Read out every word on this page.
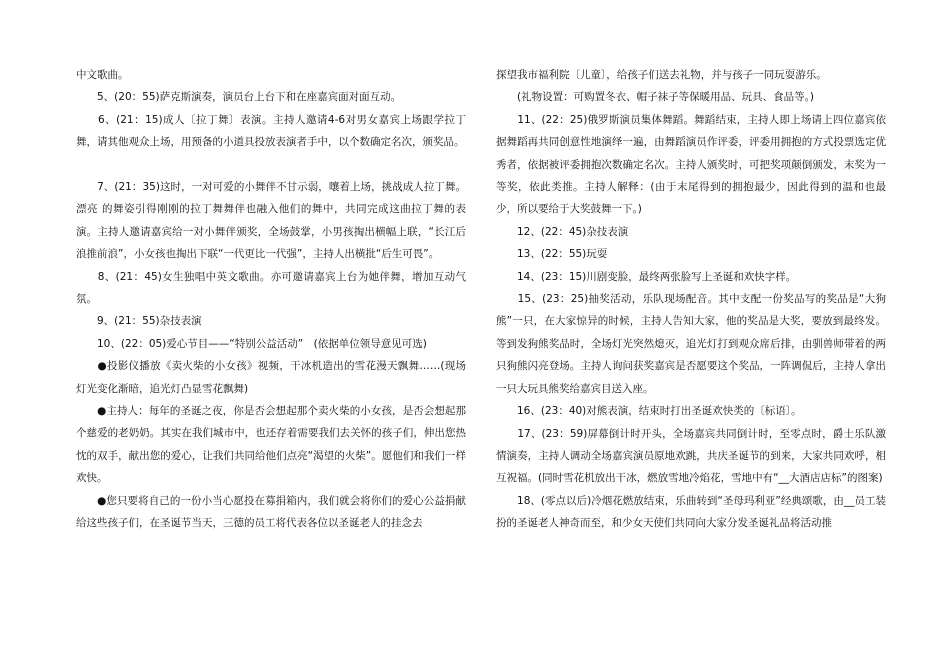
中文歌曲。

　　5、(20：55)萨克斯演奏，演员台上台下和在座嘉宾面对面互动。

　　6、(21：15)成人〔拉丁舞〕表演。主持人邀请4-6对男女嘉宾上场跟学拉丁舞，请其他观众上场，用预备的小道具投放表演者手中，以个数确定名次，颁奖品。

　　7、(21：35)这时，一对可爱的小舞伴不甘示弱，嚷着上场，挑战成人拉丁舞。漂亮 的舞姿引得刚刚的拉丁舞舞伴也融入他们的舞中，共同完成这曲拉丁舞的表演。主持人邀请嘉宾给一对小舞伴颁奖，全场鼓掌，小男孩掏出横幅上联，“长江后浪推前浪”，小女孩也掏出下联“一代更比一代强”，主持人出横批“后生可畏”。

　　8、(21：45)女生独唱中英文歌曲。亦可邀请嘉宾上台为她伴舞，增加互动气氛。

　　9、(21：55)杂技表演

　　10、(22：05)爱心节目——“特别公益活动”　(依据单位领导意见可选)

　　●投影仪播放《卖火柴的小女孩》视频，干冰机造出的雪花漫天飘舞……(现场灯光变化渐暗，追光灯凸显雪花飘舞)

　　●主持人：每年的圣诞之夜，你是否会想起那个卖火柴的小女孩，是否会想起那个慈爱的老奶奶。其实在我们城市中，也还存着需要我们去关怀的孩子们，伸出您热忱的双手，献出您的爱心，让我们共同给他们点亮“渴望的火柴”。愿他们和我们一样欢快。

　　●您只要将自己的一份小当心愿投在募捐箱内，我们就会将你们的爱心公益捐献给这些孩子们，在圣诞节当天，三德的员工将代表各位以圣诞老人的挂念去

探望我市福利院〔儿童〕，给孩子们送去礼物，并与孩子一同玩耍游乐。

　　(礼物设置：可购置冬衣、帽子袜子等保暖用品、玩具、食品等。)

　　11、(22：25)俄罗斯演员集体舞蹈。舞蹈结束，主持人即上场请上四位嘉宾依据舞蹈再共同创意性地演绎一遍，由舞蹈演员作评委，评委用拥抱的方式投票选定优秀者，依据被评委拥抱次数确定名次。主持人颁奖时，可把奖项颠倒颁发，末奖为一等奖，依此类推。主持人解释：(由于末尾得到的拥抱最少，因此得到的温和也最少，所以要给于大奖鼓舞一下。)

　　12、(22：45)杂技表演

　　13、(22：55)玩耍

　　14、(23：15)川剧变脸，最终两张脸写上圣诞和欢快字样。

　　15、(23：25)抽奖活动，乐队现场配音。其中支配一份奖品写的奖品是“大狗熊”一只，在大家惊异的时候，主持人告知大家，他的奖品是大奖，要放到最终发。等到发狗熊奖品时，全场灯光突然熄灭，追光灯打到观众席后排，由驯兽师带着的两只狗熊闪亮登场。主持人询问获奖嘉宾是否愿要这个奖品，一阵调侃后，主持人拿出一只大玩具熊奖给嘉宾目送入座。

　　16、(23：40)对熊表演，结束时打出圣诞欢快类的〔标语〕。

　　17、(23：59)屏幕倒计时开头，全场嘉宾共同倒计时，至零点时，爵士乐队激情演奏，主持人调动全场嘉宾演员原地欢跳，共庆圣诞节的到来，大家共同欢呼，相互祝福。(同时雪花机放出干冰，燃放雪地冷焰花，雪地中有“__大酒店店标”的图案)

　　18、(零点以后)冷烟花燃放结束，乐曲转到“圣母玛利亚”经典颂歌，由__员工装扮的圣诞老人神奇而至，和少女天使们共同向大家分发圣诞礼品将活动推
